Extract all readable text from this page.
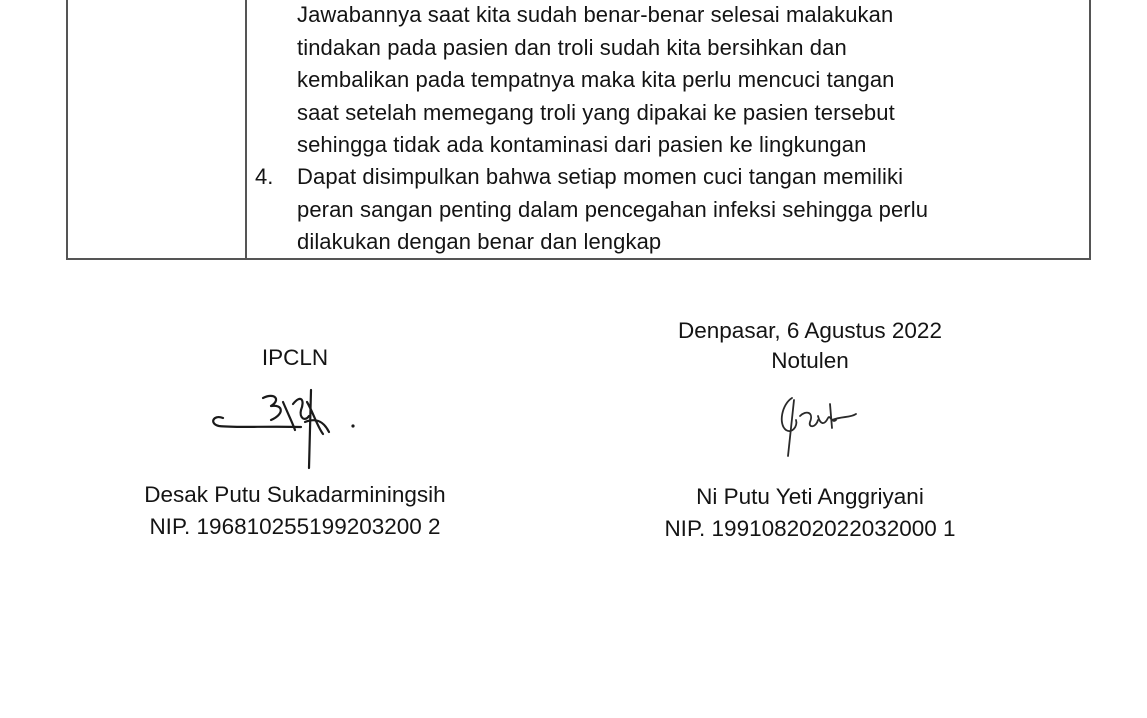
Jawabannya saat kita sudah benar-benar selesai malakukan
tindakan pada pasien dan troli sudah kita bersihkan dan
kembalikan pada tempatnya maka kita perlu mencuci tangan
saat setelah memegang troli yang dipakai ke pasien tersebut
sehingga tidak ada kontaminasi dari pasien ke lingkungan
4. Dapat disimpulkan bahwa setiap momen cuci tangan memiliki
peran sangan penting dalam pencegahan infeksi sehingga perlu
dilakukan dengan benar dan lengkap
IPCLN
Desak Putu Sukadarminingsih
NIP. 196810255199203200 2
Denpasar, 6 Agustus 2022
Notulen
Ni Putu Yeti Anggriyani
NIP. 199108202022032000 1
